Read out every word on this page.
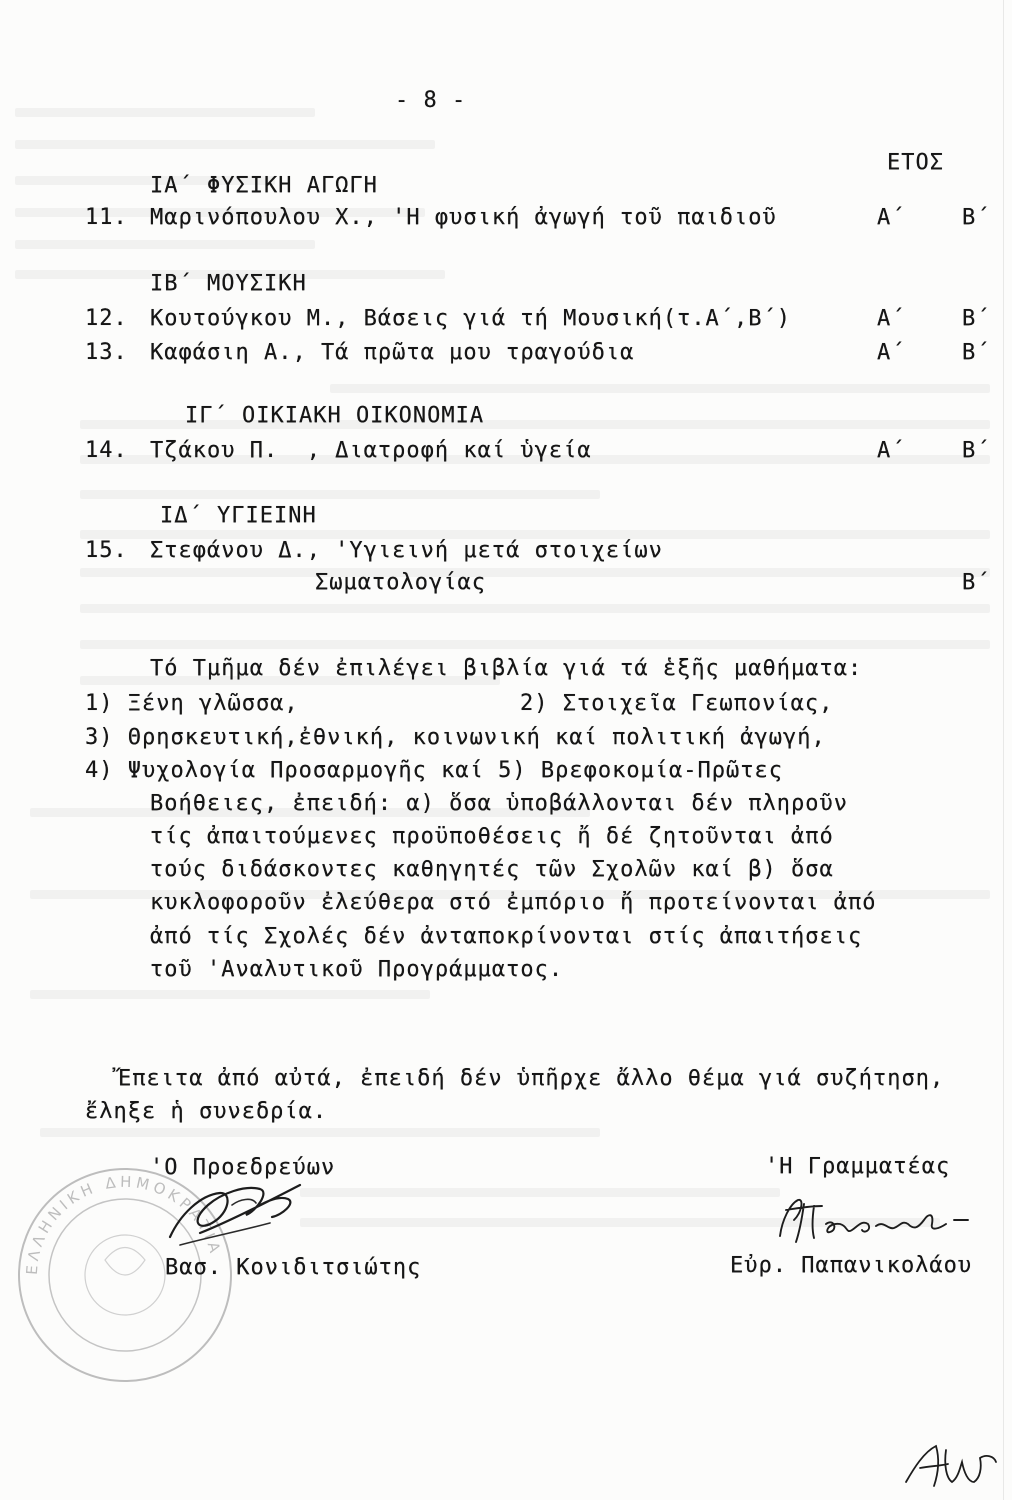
- 8 -
ΕΤΟΣ
ΙΑ΄ ΦΥΣΙΚΗ ΑΓΩΓΗ
11. Μαρινόπουλου Χ., 'Η φυσική ἀγωγή τοῦ παιδιοῦ	Α΄	Β΄
ΙΒ΄ ΜΟΥΣΙΚΗ
12. Κουτούγκου Μ., Βάσεις γιά τή Μουσική(τ.Α΄,Β΄)	Α΄	Β΄
13. Καφάσιη Α., Τά πρῶτα μου τραγούδια	Α΄	Β΄
ΙΓ΄ ΟΙΚΙΑΚΗ ΟΙΚΟΝΟΜΙΑ
14. Τζάκου Π.  , Διατροφή καί ὑγεία	Α΄	Β΄
ΙΔ΄ ΥΓΙΕΙΝΗ
15. Στεφάνου Δ., 'Υγιεινή μετά στοιχείων
Σωματολογίας	Β΄
Τό Τμῆμα δέν ἐπιλέγει βιβλία γιά τά ἑξῆς μαθήματα:
1) Ξένη γλῶσσα,	2) Στοιχεῖα Γεωπονίας,
3) Θρησκευτική,ἐθνική, κοινωνική καί πολιτική ἀγωγή,
4) Ψυχολογία Προσαρμογῆς καί 5) Βρεφοκομία-Πρῶτες
Βοήθειες, ἐπειδή: α) ὅσα ὑποβάλλονται δέν πληροῦν
τίς ἀπαιτούμενες προϋποθέσεις ἤ δέ ζητοῦνται ἀπό
τούς διδάσκοντες καθηγητές τῶν Σχολῶν καί β) ὅσα
κυκλοφοροῦν ἐλεύθερα στό ἐμπόριο ἤ προτείνονται ἀπό
ἀπό τίς Σχολές δέν ἀνταποκρίνονται στίς ἀπαιτήσεις
τοῦ 'Αναλυτικοῦ Προγράμματος.
Ἔπειτα ἀπό αὐτά, ἐπειδή δέν ὑπῆρχε ἄλλο θέμα γιά συζήτηση,
ἔληξε ἡ συνεδρία.
ΕΛΛΗΝΙΚΗ ΔΗΜΟΚΡΑΤΙΑ
'Ο Προεδρεύων	'Η Γραμματέας
Βασ. Κονιδιτσιώτης	Εὐρ. Παπανικολάου
